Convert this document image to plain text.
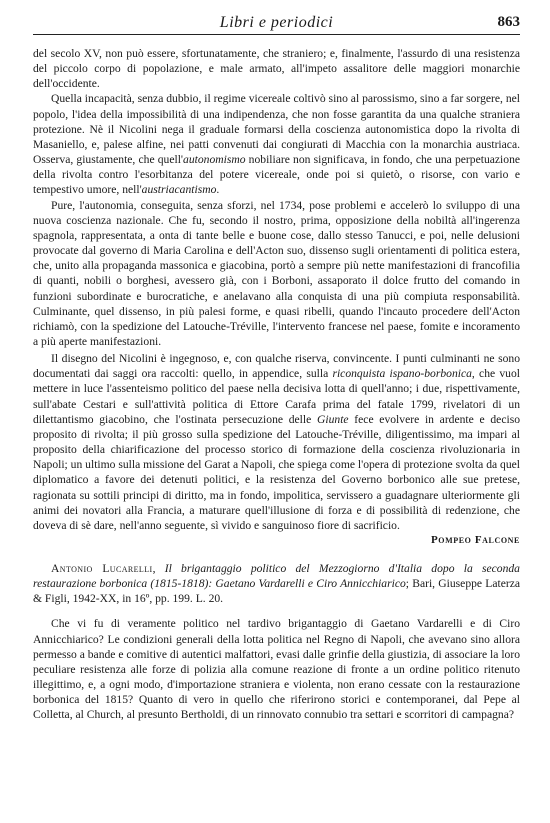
Libri e periodici	863

del secolo XV, non può essere, sfortunatamente, che straniero; e, finalmente, l'assurdo di una resistenza del piccolo corpo di popolazione, e male armato, all'impeto assalitore delle maggiori monarchie dell'occidente.

Quella incapacità, senza dubbio, il regime vicereale coltivò sino al parossismo, sino a far sorgere, nel popolo, l'idea della impossibilità di una indipendenza, che non fosse garantita da una qualche straniera protezione. Nè il Nicolini nega il graduale formarsi della coscienza autonomistica dopo la rivolta di Masaniello, e, palese alfine, nei patti convenuti dai congiurati di Macchia con la monarchia austriaca. Osserva, giustamente, che quell'autonomismo nobiliare non significava, in fondo, che una perpetuazione della rivolta contro l'esorbitanza del potere vicereale, onde poi si quietò, o risorse, con vario e tempestivo umore, nell'austriacantismo.

Pure, l'autonomia, conseguita, senza sforzi, nel 1734, pose problemi e accelerò lo sviluppo di una nuova coscienza nazionale. Che fu, secondo il nostro, prima, opposizione della nobiltà all'ingerenza spagnola, rappresentata, a onta di tante belle e buone cose, dallo stesso Tanucci, e poi, nelle delusioni provocate dal governo di Maria Carolina e dell'Acton suo, dissenso sugli orientamenti di politica estera, che, unito alla propaganda massonica e giacobina, portò a sempre più nette manifestazioni di francofilia di quanti, nobili o borghesi, avessero già, con i Borboni, assaporato il dolce frutto del comando in funzioni subordinate e burocratiche, e anelavano alla conquista di una più compiuta responsabilità. Culminante, quel dissenso, in più palesi forme, e quasi ribelli, quando l'incauto procedere dell'Acton richiamò, con la spedizione del Latouche-Tréville, l'intervento francese nel paese, fomite e incoramento a più aperte manifestazioni.

Il disegno del Nicolini è ingegnoso, e, con qualche riserva, convincente. I punti culminanti ne sono documentati dai saggi ora raccolti: quello, in appendice, sulla riconquista ispano-borbonica, che vuol mettere in luce l'assenteismo politico del paese nella decisiva lotta di quell'anno; i due, rispettivamente, sull'abate Cestari e sull'attività politica di Ettore Carafa prima del fatale 1799, rivelatori di un dilettantismo giacobino, che l'ostinata persecuzione delle Giunte fece evolvere in ardente e deciso proposito di rivolta; il più grosso sulla spedizione del Latouche-Tréville, diligentissimo, ma impari al proposito della chiarificazione del processo storico di formazione della coscienza rivoluzionaria in Napoli; un ultimo sulla missione del Garat a Napoli, che spiega come l'opera di protezione svolta da quel diplomatico a favore dei detenuti politici, e la resistenza del Governo borbonico alle sue pretese, ragionata su sottili principi di diritto, ma in fondo, impolitica, servissero a guadagnare ulteriormente gli animi dei novatori alla Francia, a maturare quell'illusione di forza e di possibilità di redenzione, che doveva di sè dare, nell'anno seguente, sì vivido e sanguinoso fiore di sacrificio.

Pompeo Falcone

Antonio Lucarelli, Il brigantaggio politico del Mezzogiorno d'Italia dopo la seconda restaurazione borbonica (1815-1818): Gaetano Vardarelli e Ciro Annicchiarico; Bari, Giuseppe Laterza & Figli, 1942-XX, in 16º, pp. 199. L. 20.

Che vi fu di veramente politico nel tardivo brigantaggio di Gaetano Vardarelli e di Ciro Annicchiarico? Le condizioni generali della lotta politica nel Regno di Napoli, che avevano sino allora permesso a bande e comitive di autentici malfattori, evasi dalle grinfie della giustizia, di associare la loro peculiare resistenza alle forze di polizia alla comune reazione di fronte a un ordine politico ritenuto illegittimo, e, a ogni modo, d'importazione straniera e violenta, non erano cessate con la restaurazione borbonica del 1815? Quanto di vero in quello che riferirono storici e contemporanei, dal Pepe al Colletta, al Church, al presunto Bertholdi, di un rinnovato connubio tra settari e scorritori di campagna?
